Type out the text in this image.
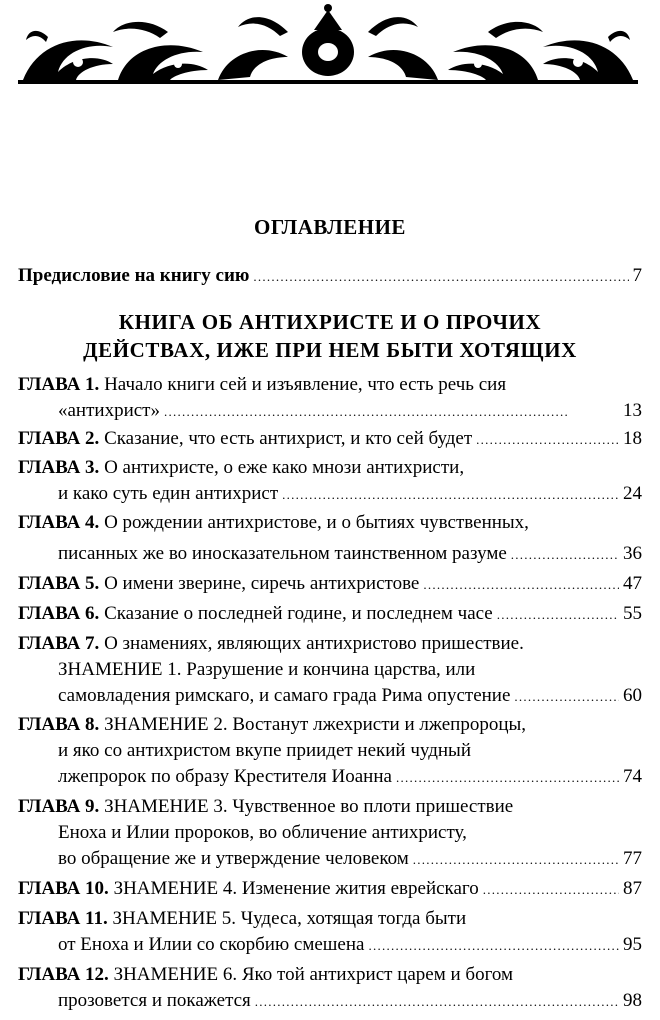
ОГЛАВЛЕНИЕ
Предисловие на книгу сию . . .	7
КНИГА ОБ АНТИХРИСТЕ И О ПРОЧИХ
ДЕЙСТВАХ, ИЖЕ ПРИ НЕМ БЫТИ ХОТЯЩИХ
ГЛАВА 1. Начало книги сей и изъявление, что есть речь сия
«антихрист» . . .	13
ГЛАВА 2. Сказание, что есть антихрист, и кто сей будет . . .	18
ГЛАВА 3. О антихристе, о еже како мнози антихристи,
и како суть един антихрист . . .	24
ГЛАВА 4. О рождении антихристове, и о бытиях чувственных,
писанных же во иносказательном таинственном разуме . . .	36
ГЛАВА 5. О имени зверине, сиречь антихристове . . .	47
ГЛАВА 6. Сказание о последней године, и последнем часе . . .	55
ГЛАВА 7. О знамениях, являющих антихристово пришествие.
ЗНАМЕНИЕ 1. Разрушение и кончина царства, или
самовладения римскаго, и самаго града Рима опустение . . .	60
ГЛАВА 8. ЗНАМЕНИЕ 2. Востанут лжехристи и лжепророцы,
и яко со антихристом вкупе приидет некий чудный
лжепророк по образу Крестителя Иоанна . . .	74
ГЛАВА 9. ЗНАМЕНИЕ 3. Чувственное во плоти пришествие
Еноха и Илии пророков, во обличение антихристу,
во обращение же и утверждение человеком . . .	77
ГЛАВА 10. ЗНАМЕНИЕ 4. Изменение жития еврейскаго . . .	87
ГЛАВА 11. ЗНАМЕНИЕ 5. Чудеса, хотящая тогда быти
от Еноха и Илии со скорбию смешена . . .	95
ГЛАВА 12. ЗНАМЕНИЕ 6. Яко той антихрист царем и богом
прозовется и покажется . . .	98
